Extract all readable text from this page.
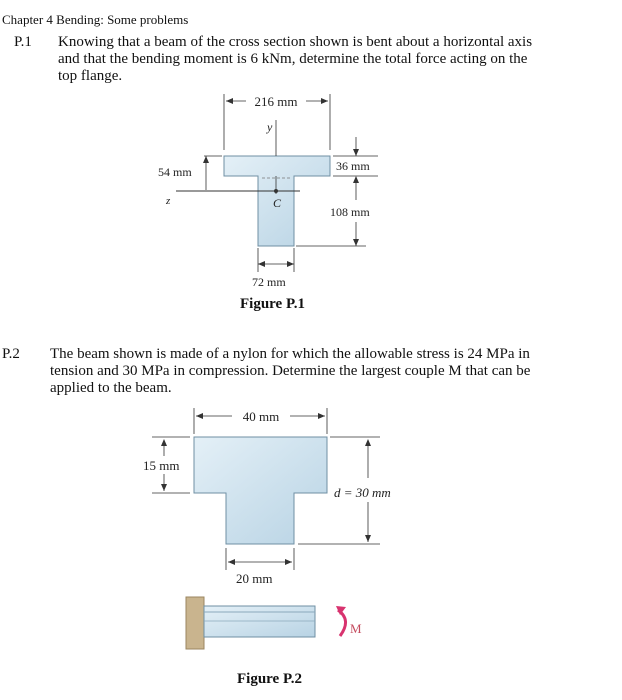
Chapter 4 Bending: Some problems
P.1 Knowing that a beam of the cross section shown is bent about a horizontal axis and that the bending moment is 6 kNm, determine the total force acting on the top flange.
216 mm
y
C
z
54 mm	36 mm
108 mm
72 mm
Figure P.1
P.2 The beam shown is made of a nylon for which the allowable stress is 24 MPa in tension and 30 MPa in compression. Determine the largest couple M that can be applied to the beam.
40 mm
15 mm
d = 30 mm
20 mm
M
Figure P.2
